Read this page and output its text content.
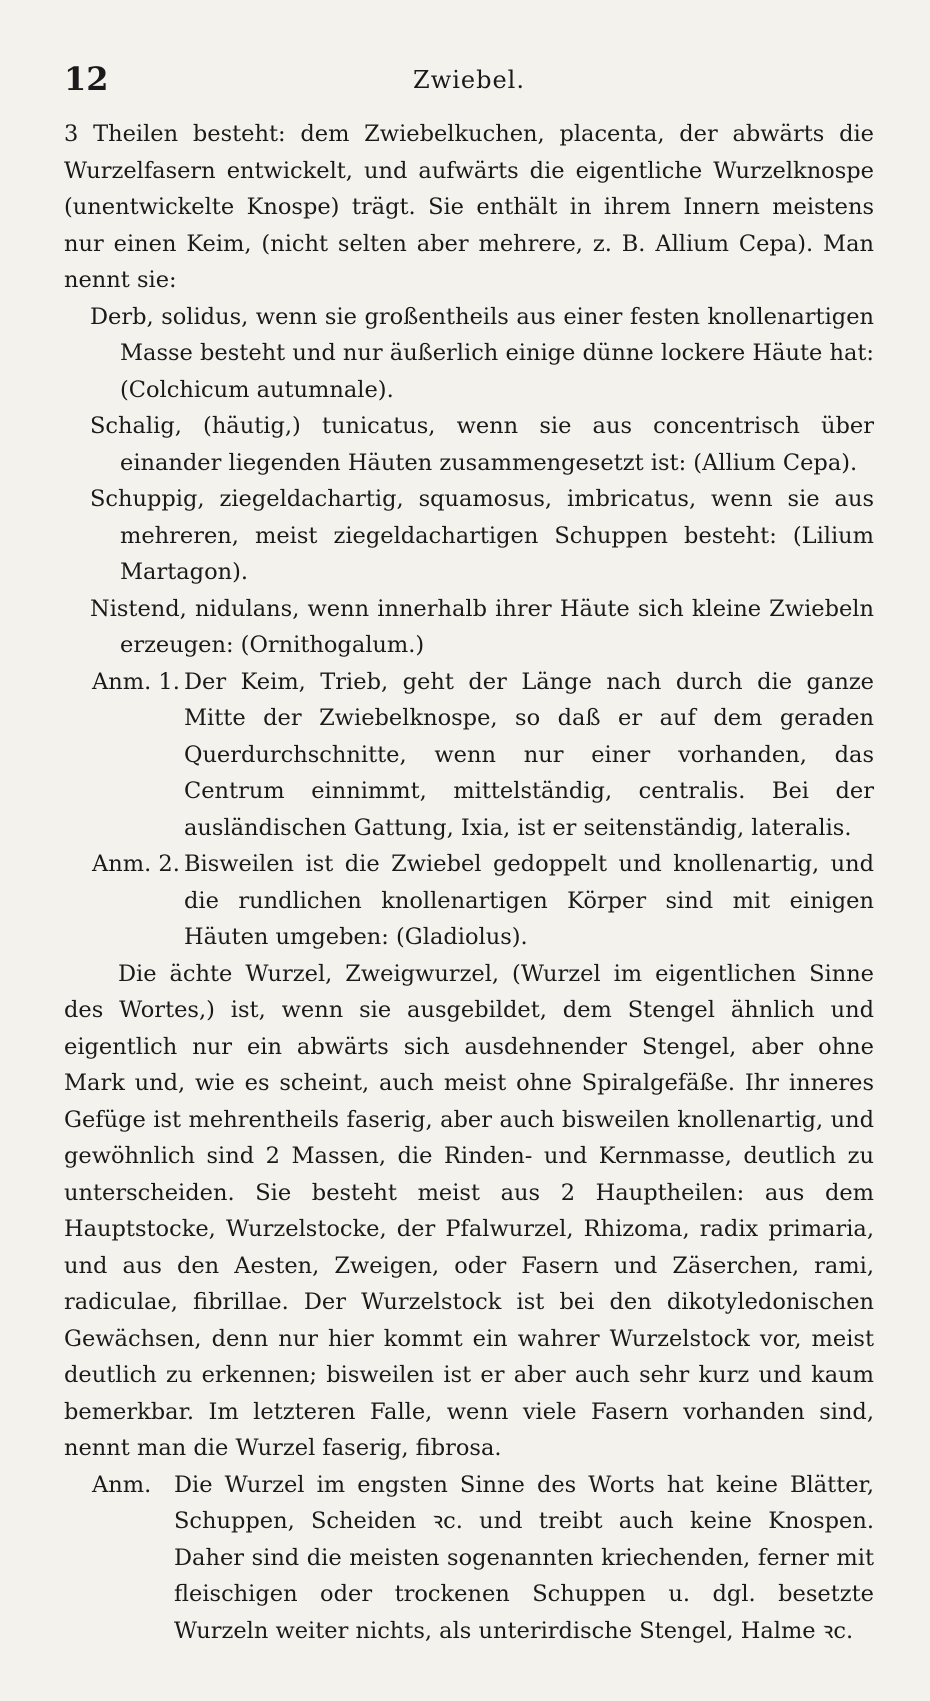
12	Zwiebel.

3 Theilen besteht: dem Zwiebelkuchen, placenta, der abwärts die Wurzelfasern entwickelt, und aufwärts die eigentliche Wurzelknospe (unentwickelte Knospe) trägt. Sie enthält in ihrem Innern meistens nur einen Keim, (nicht selten aber mehrere, z. B. Allium Cepa). Man nennt sie:

Derb, solidus, wenn sie großentheils aus einer festen knollenartigen Masse besteht und nur äußerlich einige dünne lockere Häute hat: (Colchicum autumnale).

Schalig, (häutig,) tunicatus, wenn sie aus concentrisch über einander liegenden Häuten zusammengesetzt ist: (Allium Cepa).

Schuppig, ziegeldachartig, squamosus, imbricatus, wenn sie aus mehreren, meist ziegeldachartigen Schuppen besteht: (Lilium Martagon).

Nistend, nidulans, wenn innerhalb ihrer Häute sich kleine Zwiebeln erzeugen: (Ornithogalum.)

Anm. 1. Der Keim, Trieb, geht der Länge nach durch die ganze Mitte der Zwiebelknospe, so daß er auf dem geraden Querdurchschnitte, wenn nur einer vorhanden, das Centrum einnimmt, mittelständig, centralis. Bei der ausländischen Gattung, Ixia, ist er seitenständig, lateralis.
Anm. 2. Bisweilen ist die Zwiebel gedoppelt und knollenartig, und die rundlichen knollenartigen Körper sind mit einigen Häuten umgeben: (Gladiolus).

Die ächte Wurzel, Zweigwurzel, (Wurzel im eigentlichen Sinne des Wortes,) ist, wenn sie ausgebildet, dem Stengel ähnlich und eigentlich nur ein abwärts sich ausdehnender Stengel, aber ohne Mark und, wie es scheint, auch meist ohne Spiralgefäße. Ihr inneres Gefüge ist mehrentheils faserig, aber auch bisweilen knollenartig, und gewöhnlich sind 2 Massen, die Rinden- und Kernmasse, deutlich zu unterscheiden. Sie besteht meist aus 2 Hauptheilen: aus dem Hauptstocke, Wurzelstocke, der Pfalwurzel, Rhizoma, radix primaria, und aus den Aesten, Zweigen, oder Fasern und Zäserchen, rami, radiculae, fibrillae. Der Wurzelstock ist bei den dikotyledonischen Gewächsen, denn nur hier kommt ein wahrer Wurzelstock vor, meist deutlich zu erkennen; bisweilen ist er aber auch sehr kurz und kaum bemerkbar. Im letzteren Falle, wenn viele Fasern vorhanden sind, nennt man die Wurzel faserig, fibrosa.

Anm.	Die Wurzel im engsten Sinne des Worts hat keine Blätter, Schuppen, Scheiden ꝛc. und treibt auch keine Knospen. Daher sind die meisten sogenannten kriechenden, ferner mit fleischigen oder trockenen Schuppen u. dgl. besetzte Wurzeln weiter nichts, als unterirdische Stengel, Halme ꝛc.
